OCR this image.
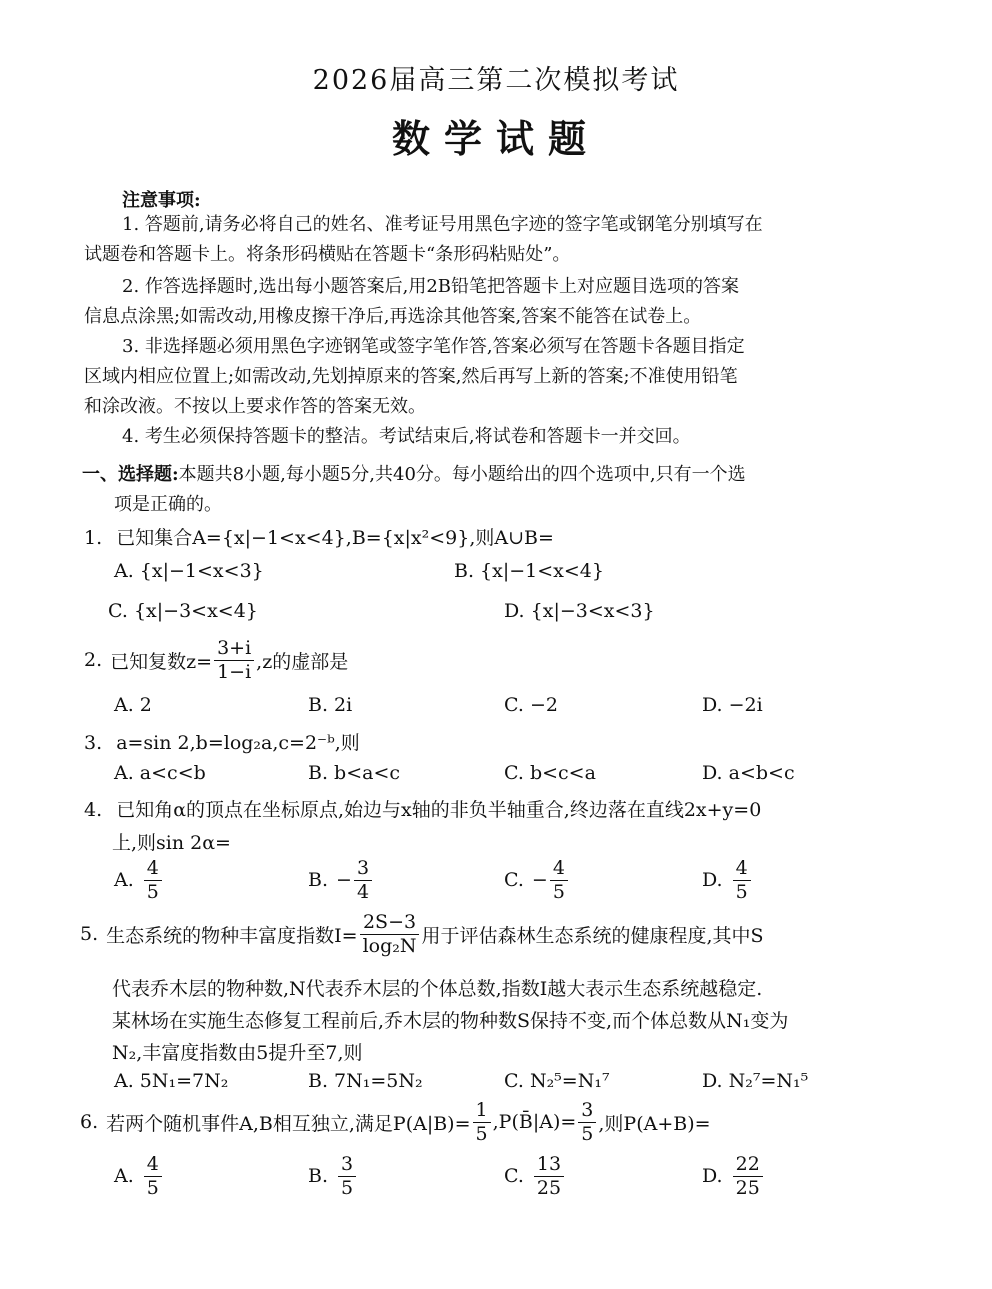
2026届高三第二次模拟考试
数学试题
注意事项:
1. 答题前,请务必将自己的姓名、准考证号用黑色字迹的签字笔或钢笔分别填写在
试题卷和答题卡上。将条形码横贴在答题卡“条形码粘贴处”。
2. 作答选择题时,选出每小题答案后,用2B铅笔把答题卡上对应题目选项的答案
信息点涂黑;如需改动,用橡皮擦干净后,再选涂其他答案,答案不能答在试卷上。
3. 非选择题必须用黑色字迹钢笔或签字笔作答,答案必须写在答题卡各题目指定
区域内相应位置上;如需改动,先划掉原来的答案,然后再写上新的答案;不准使用铅笔
和涂改液。不按以上要求作答的答案无效。
4. 考生必须保持答题卡的整洁。考试结束后,将试卷和答题卡一并交回。
一、选择题:本题共8小题,每小题5分,共40分。每小题给出的四个选项中,只有一个选
项是正确的。
1. 已知集合A={x|−1<x<4},B={x|x²<9},则A∪B=
A. {x|−1<x<3}	B. {x|−1<x<4}
C. {x|−3<x<4}	D. {x|−3<x<3}
2. 已知复数$z= \frac{3+i}{1-i} ,z$的虚部是
A. 2	B. 2i	C. −2	D. −2i
3. a=sin 2,b=log₂a,c=2⁻ᵇ,则
A. a<c<b	B. b<a<c	C. b<c<a	D. a<b<c
4. 已知角α的顶点在坐标原点,始边与x轴的非负半轴重合,终边落在直线2x+y=0
上,则sin 2α=
A. $\frac{4}{5}$	B. − $\frac{3}{4}$	C. − $\frac{4}{5}$	D. $\frac{4}{5}$
5. 生态系统的物种丰富度指数$I= \frac{2S-3}{\text{log₂N}}$ 用于评估森林生态系统的健康程度,其中S
代表乔木层的物种数,N代表乔木层的个体总数,指数I越大表示生态系统越稳定.
某林场在实施生态修复工程前后,乔木层的物种数S保持不变,而个体总数从N₁变为
N₂,丰富度指数由5提升至7,则
A. 5N₁=7N₂	B. 7N₁=5N₂	C. N₂⁵=N₁⁷	D. N₂⁷=N₁⁵
6. 若两个随机事件A,B相互独立,满足$P(A|B)= \frac{1}{5}$ ,P(B̄|A)= $\frac{3}{5}$ ,则P(A+B)=
A. $\frac{4}{5}$	B. $\frac{3}{5}$	C. $\frac{13}{25}$	D. $\frac{22}{25}$
